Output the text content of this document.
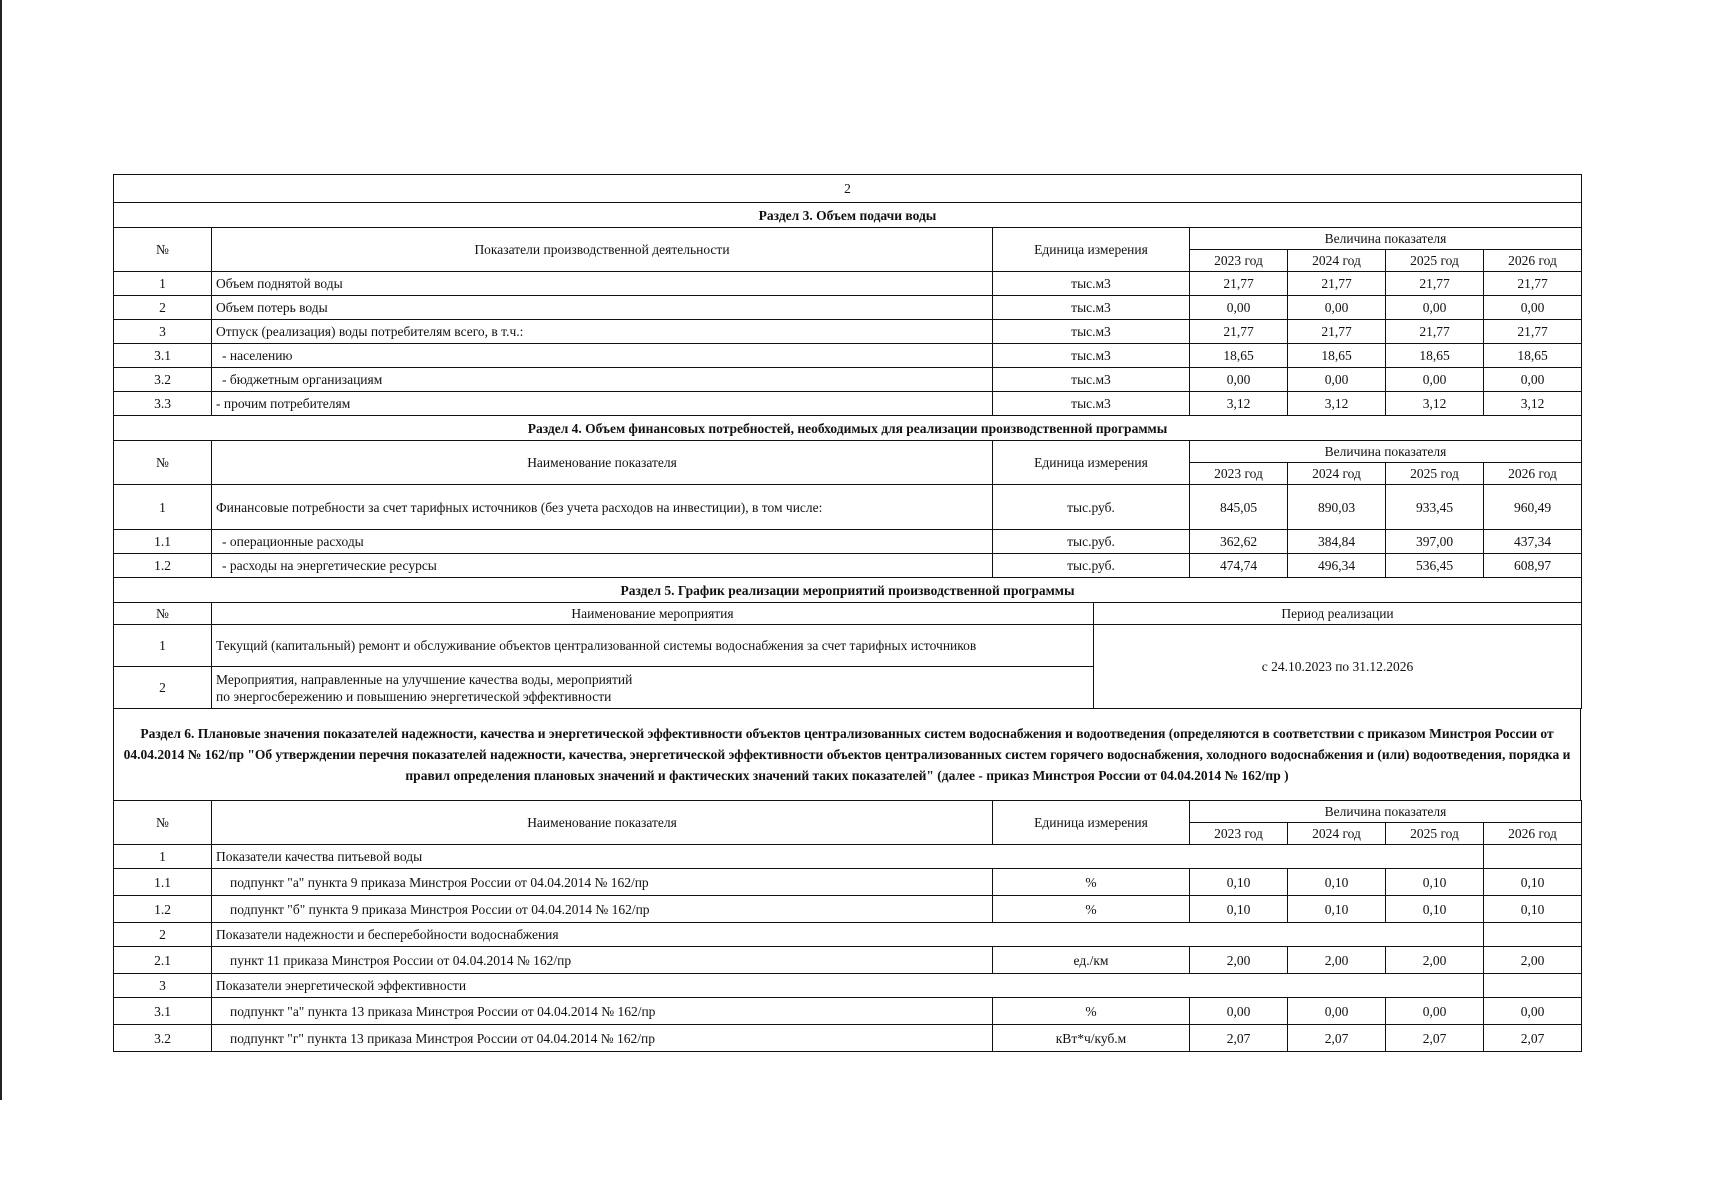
2						
Раздел 3. Объем подачи воды						
№	Показатели производственной деятельности	Единица измерения	Величина показателя			
			2023 год	2024 год	2025 год	2026 год
1	Объем поднятой воды	тыс.м3	21,77	21,77	21,77	21,77
2	Объем потерь воды	тыс.м3	0,00	0,00	0,00	0,00
3	Отпуск (реализация) воды потребителям всего, в т.ч.:	тыс.м3	21,77	21,77	21,77	21,77
3.1	- населению	тыс.м3	18,65	18,65	18,65	18,65
3.2	- бюджетным организациям	тыс.м3	0,00	0,00	0,00	0,00
3.3	- прочим потребителям	тыс.м3	3,12	3,12	3,12	3,12
Раздел 4. Объем финансовых потребностей, необходимых для реализации производственной программы						
№	Наименование показателя	Единица измерения	Величина показателя			
			2023 год	2024 год	2025 год	2026 год
1	Финансовые потребности за счет тарифных источников (без учета расходов на инвестиции), в том числе:	тыс.руб.	845,05	890,03	933,45	960,49
1.1	- операционные расходы	тыс.руб.	362,62	384,84	397,00	437,34
1.2	- расходы на энергетические ресурсы	тыс.руб.	474,74	496,34	536,45	608,97
Раздел 5. График реализации мероприятий производственной программы		
№	Наименование мероприятия	Период реализации
1	Текущий (капитальный) ремонт и обслуживание объектов централизованной системы водоснабжения за счет тарифных источников	с 24.10.2023 по 31.12.2026
2	Мероприятия, направленные на улучшение качества воды, мероприятий
по энергосбережению и повышению энергетической эффективности	
Раздел 6. Плановые значения показателей надежности, качества и энергетической эффективности объектов централизованных систем водоснабжения и водоотведения (определяются в соответствии с приказом Минстроя России от 04.04.2014 № 162/пр "Об утверждении перечня показателей надежности, качества, энергетической эффективности объектов централизованных систем горячего водоснабжения, холодного водоснабжения и (или) водоотведения, порядка и правил определения плановых значений и фактических значений таких показателей" (далее - приказ Минстроя России от 04.04.2014 № 162/пр )
№	Наименование показателя	Единица измерения	Величина показателя			
			2023 год	2024 год	2025 год	2026 год
1	Показатели качества питьевой воды					
1.1	подпункт "а" пункта 9 приказа Минстроя России от 04.04.2014 № 162/пр	%	0,10	0,10	0,10	0,10
1.2	подпункт "б" пункта 9 приказа Минстроя России от 04.04.2014 № 162/пр	%	0,10	0,10	0,10	0,10
2	Показатели надежности и бесперебойности водоснабжения					
2.1	пункт 11 приказа Минстроя России от 04.04.2014 № 162/пр	ед./км	2,00	2,00	2,00	2,00
3	Показатели энергетической эффективности					
3.1	подпункт "а" пункта 13 приказа Минстроя России от 04.04.2014 № 162/пр	%	0,00	0,00	0,00	0,00
3.2	подпункт "г" пункта 13 приказа Минстроя России от 04.04.2014 № 162/пр	кВт*ч/куб.м	2,07	2,07	2,07	2,07
